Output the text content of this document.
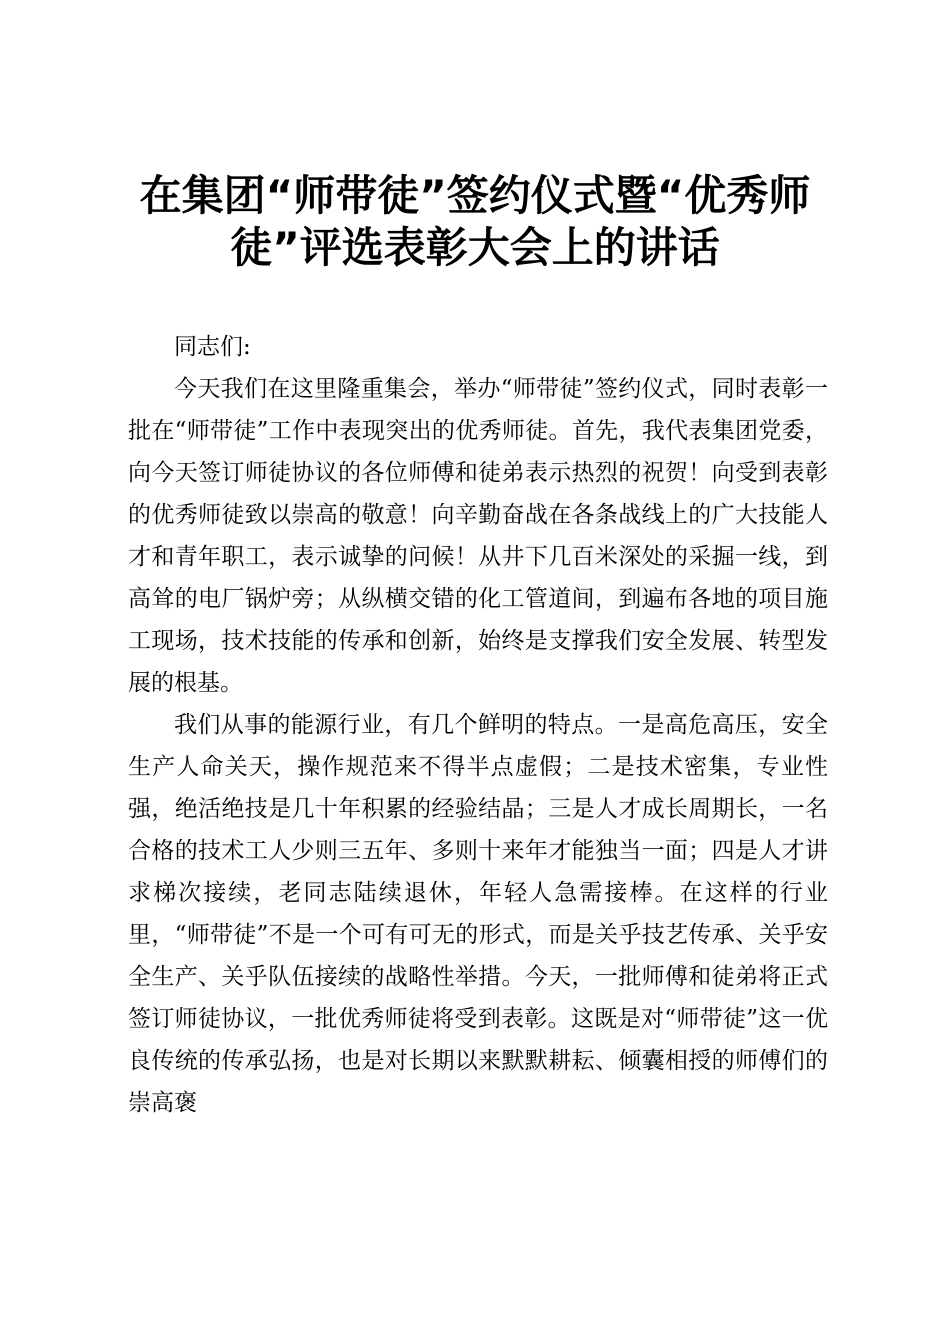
在集团“师带徒”签约仪式暨“优秀师徒”评选表彰大会上的讲话

同志们:

今天我们在这里隆重集会，举办“师带徒”签约仪式，同时表彰一批在“师带徒”工作中表现突出的优秀师徒。首先，我代表集团党委，向今天签订师徒协议的各位师傅和徒弟表示热烈的祝贺！向受到表彰的优秀师徒致以崇高的敬意！向辛勤奋战在各条战线上的广大技能人才和青年职工，表示诚挚的问候！从井下几百米深处的采掘一线，到高耸的电厂锅炉旁；从纵横交错的化工管道间，到遍布各地的项目施工现场，技术技能的传承和创新，始终是支撑我们安全发展、转型发展的根基。

我们从事的能源行业，有几个鲜明的特点。一是高危高压，安全生产人命关天，操作规范来不得半点虚假；二是技术密集，专业性强，绝活绝技是几十年积累的经验结晶；三是人才成长周期长，一名合格的技术工人少则三五年、多则十来年才能独当一面；四是人才讲求梯次接续，老同志陆续退休，年轻人急需接棒。在这样的行业里，“师带徒”不是一个可有可无的形式，而是关乎技艺传承、关乎安全生产、关乎队伍接续的战略性举措。今天，一批师傅和徒弟将正式签订师徒协议，一批优秀师徒将受到表彰。这既是对“师带徒”这一优良传统的传承弘扬，也是对长期以来默默耕耘、倾囊相授的师傅们的崇高褒
